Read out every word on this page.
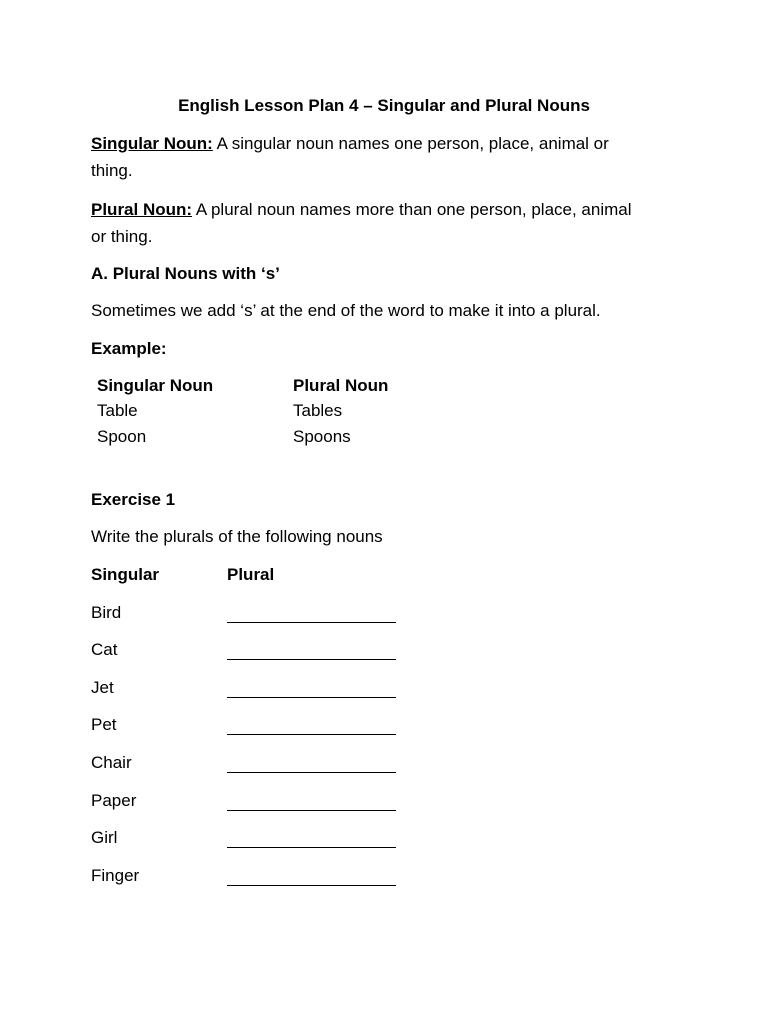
English Lesson Plan 4 – Singular and Plural Nouns
Singular Noun: A singular noun names one person, place, animal or
thing.
Plural Noun: A plural noun names more than one person, place, animal
or thing.
A. Plural Nouns with ‘s’
Sometimes we add ‘s’ at the end of the word to make it into a plural.
Example:
Singular Noun	Plural Noun
Table	Tables
Spoon	Spoons
Exercise 1
Write the plurals of the following nouns
Singular	Plural
Bird
Cat
Jet
Pet
Chair
Paper
Girl
Finger
